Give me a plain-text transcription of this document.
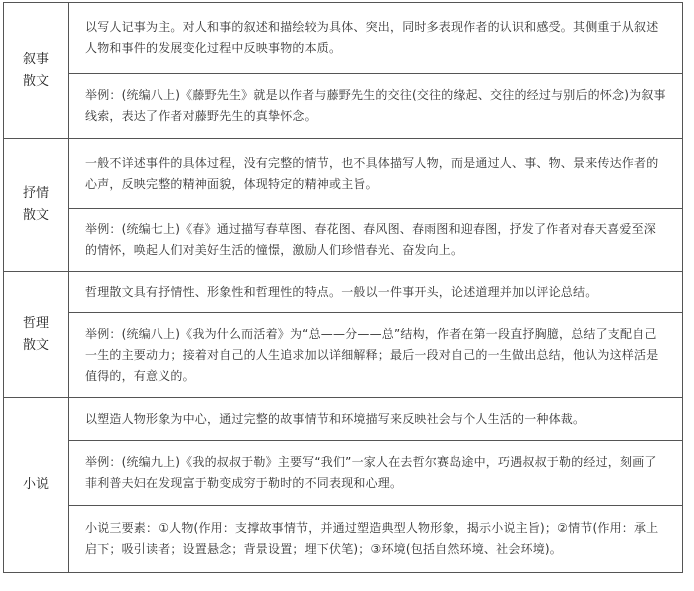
叙事散文	以写人记事为主。对人和事的叙述和描绘较为具体、突出，同时多表现作者的认识和感受。其侧重于从叙述人物和事件的发展变化过程中反映事物的本质。
	举例：(统编八上)《藤野先生》就是以作者与藤野先生的交往(交往的缘起、交往的经过与别后的怀念)为叙事线索，表达了作者对藤野先生的真挚怀念。
抒情散文	一般不详述事件的具体过程，没有完整的情节，也不具体描写人物，而是通过人、事、物、景来传达作者的心声，反映完整的精神面貌，体现特定的精神或主旨。
	举例：(统编七上)《春》通过描写春草图、春花图、春风图、春雨图和迎春图，抒发了作者对春天喜爱至深的情怀，唤起人们对美好生活的憧憬，激励人们珍惜春光、奋发向上。
哲理散文	哲理散文具有抒情性、形象性和哲理性的特点。一般以一件事开头，论述道理并加以评论总结。
	举例：(统编八上)《我为什么而活着》为“总——分——总”结构，作者在第一段直抒胸臆，总结了支配自己一生的主要动力；接着对自己的人生追求加以详细解释；最后一段对自己的一生做出总结，他认为这样活是值得的，有意义的。
小说	以塑造人物形象为中心，通过完整的故事情节和环境描写来反映社会与个人生活的一种体裁。
	举例：(统编九上)《我的叔叔于勒》主要写“我们”一家人在去哲尔赛岛途中，巧遇叔叔于勒的经过，刻画了菲利普夫妇在发现富于勒变成穷于勒时的不同表现和心理。
	小说三要素：①人物(作用：支撑故事情节，并通过塑造典型人物形象，揭示小说主旨)；②情节(作用：承上启下；吸引读者；设置悬念；背景设置；埋下伏笔)；③环境(包括自然环境、社会环境)。
